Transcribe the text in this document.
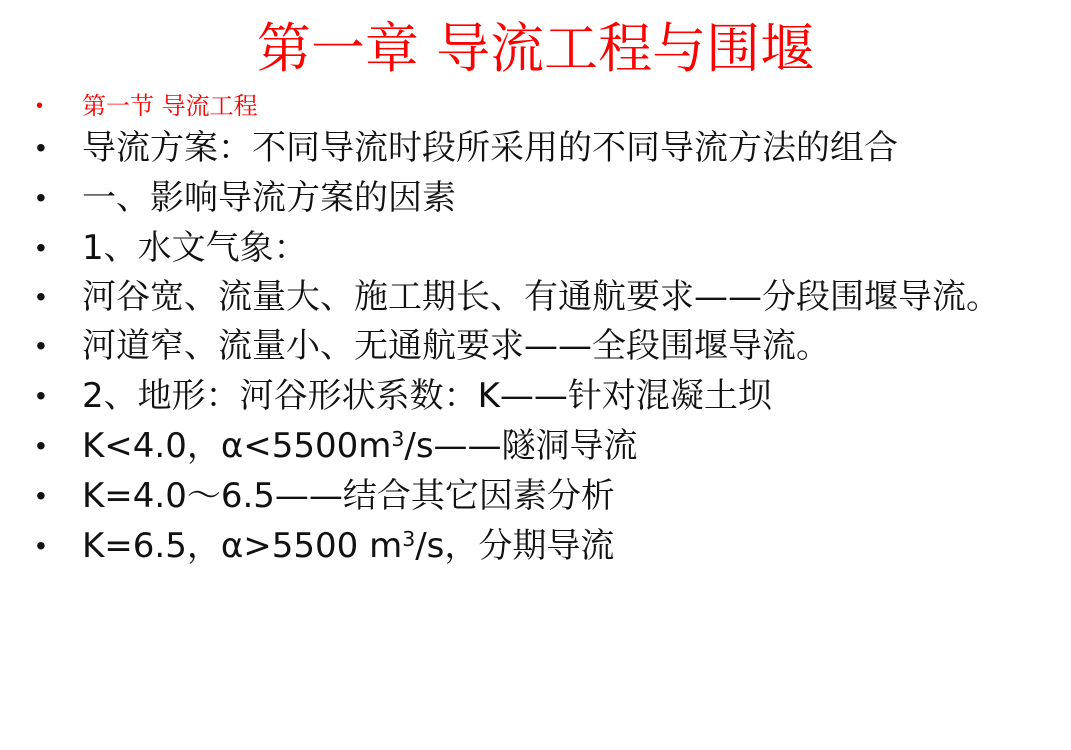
第一章 导流工程与围堰
• 第一节 导流工程
• 导流方案：不同导流时段所采用的不同导流方法的组合
• 一、影响导流方案的因素
• 1、水文气象：
• 河谷宽、流量大、施工期长、有通航要求——分段围堰导流。
• 河道窄、流量小、无通航要求——全段围堰导流。
• 2、地形：河谷形状系数：K——针对混凝土坝
• K<4.0，$\alpha<5500m^3/s——$隧洞导流
• K=4.0～6.5——结合其它因素分析
• K=6.5，α>5500 $m^3/s$，分期导流
